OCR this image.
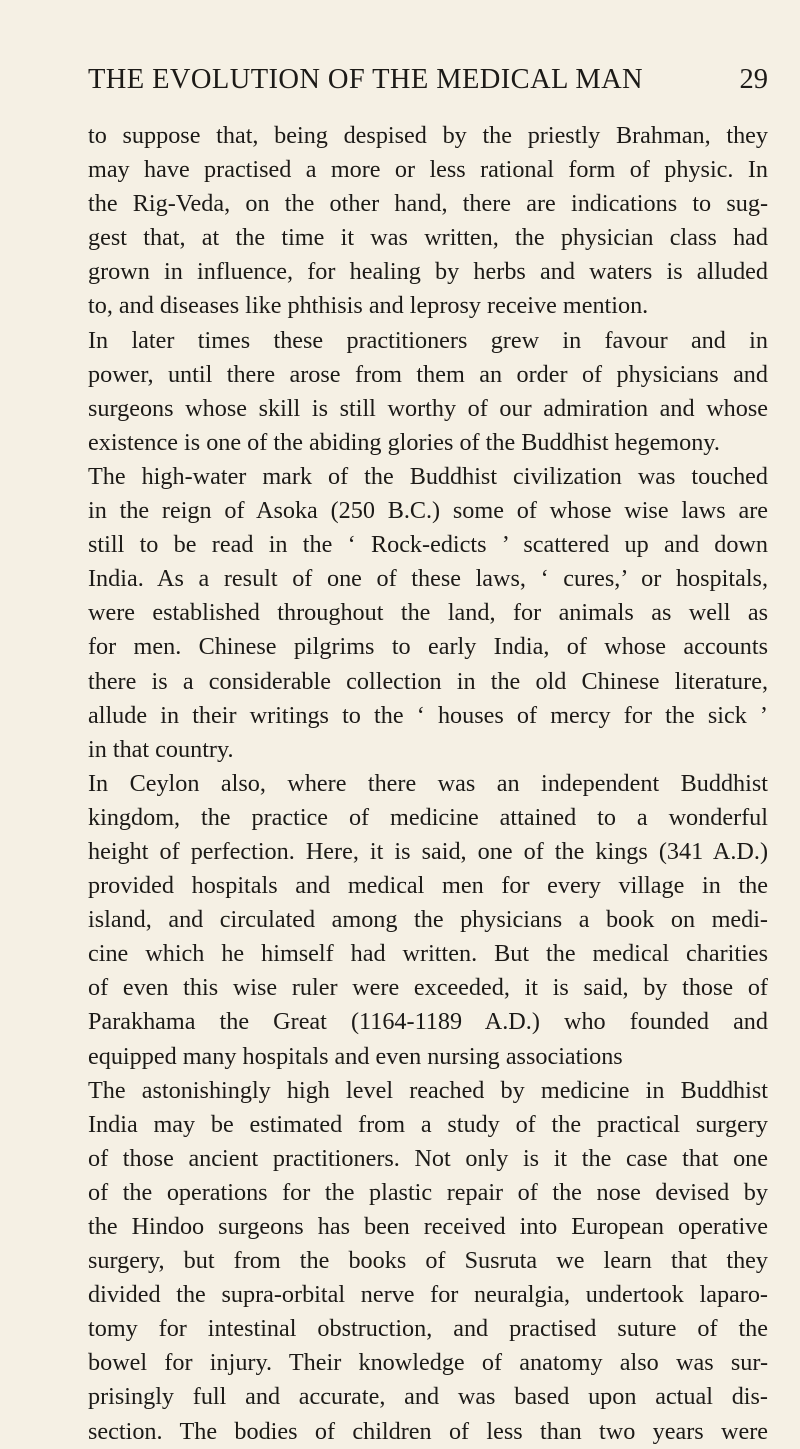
THE EVOLUTION OF THE MEDICAL MAN	29
to suppose that, being despised by the priestly Brahman, they
may have practised a more or less rational form of physic. In
the Rig-Veda, on the other hand, there are indications to sug-
gest that, at the time it was written, the physician class had
grown in influence, for healing by herbs and waters is alluded
to, and diseases like phthisis and leprosy receive mention.
In later times these practitioners grew in favour and in
power, until there arose from them an order of physicians and
surgeons whose skill is still worthy of our admiration and whose
existence is one of the abiding glories of the Buddhist hegemony.
The high-water mark of the Buddhist civilization was touched
in the reign of Asoka (250 B.C.) some of whose wise laws are
still to be read in the ‘ Rock-edicts ’ scattered up and down
India. As a result of one of these laws, ‘ cures,’ or hospitals,
were established throughout the land, for animals as well as
for men. Chinese pilgrims to early India, of whose accounts
there is a considerable collection in the old Chinese literature,
allude in their writings to the ‘ houses of mercy for the sick ’
in that country.
In Ceylon also, where there was an independent Buddhist
kingdom, the practice of medicine attained to a wonderful
height of perfection. Here, it is said, one of the kings (341 A.D.)
provided hospitals and medical men for every village in the
island, and circulated among the physicians a book on medi-
cine which he himself had written. But the medical charities
of even this wise ruler were exceeded, it is said, by those of
Parakhama the Great (1164-1189 A.D.) who founded and
equipped many hospitals and even nursing associations
The astonishingly high level reached by medicine in Buddhist
India may be estimated from a study of the practical surgery
of those ancient practitioners. Not only is it the case that one
of the operations for the plastic repair of the nose devised by
the Hindoo surgeons has been received into European operative
surgery, but from the books of Susruta we learn that they
divided the supra-orbital nerve for neuralgia, undertook laparo-
tomy for intestinal obstruction, and practised suture of the
bowel for injury. Their knowledge of anatomy also was sur-
prisingly full and accurate, and was based upon actual dis-
section. The bodies of children of less than two years were
